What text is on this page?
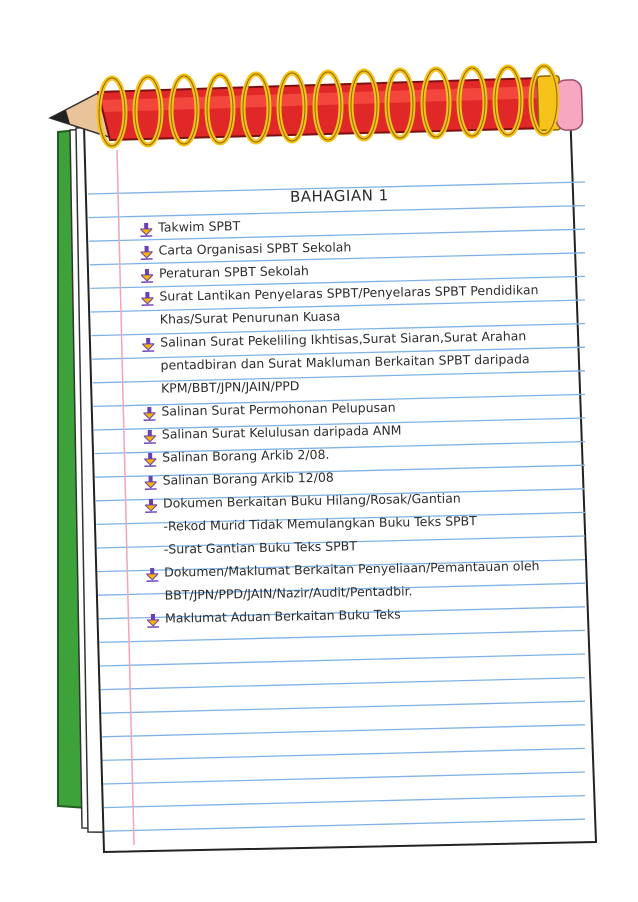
BAHAGIAN 1
Takwim SPBT
Carta Organisasi SPBT Sekolah
Peraturan SPBT Sekolah
Surat Lantikan Penyelaras SPBT/Penyelaras SPBT Pendidikan
Khas/Surat Penurunan Kuasa
Salinan Surat Pekeliling Ikhtisas,Surat Siaran,Surat Arahan
pentadbiran dan Surat Makluman Berkaitan SPBT daripada
KPM/BBT/JPN/JAIN/PPD
Salinan Surat Permohonan Pelupusan
Salinan Surat Kelulusan daripada ANM
Salinan Borang Arkib 2/08.
Salinan Borang Arkib 12/08
Dokumen Berkaitan Buku Hilang/Rosak/Gantian
-Rekod Murid Tidak Memulangkan Buku Teks SPBT
-Surat Gantian Buku Teks SPBT
Dokumen/Maklumat Berkaitan Penyeliaan/Pemantauan oleh
BBT/JPN/PPD/JAIN/Nazir/Audit/Pentadbir.
Maklumat Aduan Berkaitan Buku Teks
